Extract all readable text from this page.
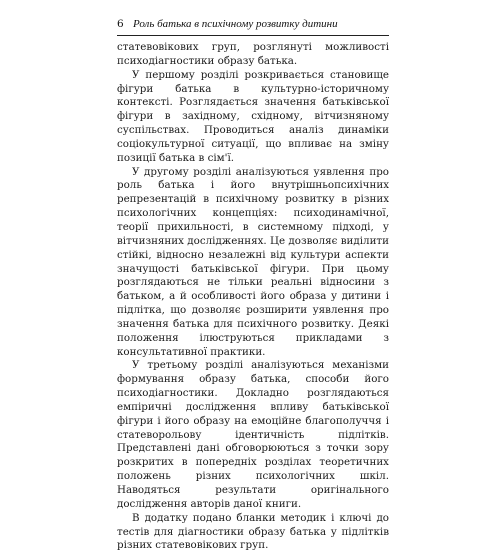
6 Роль батька в психічному розвитку дитини

статевовікових груп, розглянуті можливості психодіагностики образу батька.

У першому розділі розкривається становище фігури батька в культурно-історичному контексті. Розглядається значення батьківської фігури в західному, східному, вітчизняному суспільствах. Проводиться аналіз динаміки соціокультурної ситуації, що впливає на зміну позиції батька в сім'ї.

У другому розділі аналізуються уявлення про роль батька і його внутрішньопсихічних репрезентацій в психічному розвитку в різних психологічних концепціях: психодинамічної, теорії прихильності, в системному підході, у вітчизняних дослідженнях. Це дозволяє виділити стійкі, відносно незалежні від культури аспекти значущості батьківської фігури. При цьому розглядаються не тільки реальні відносини з батьком, а й особливості його образа у дитини і підлітка, що дозволяє розширити уявлення про значення батька для психічного розвитку. Деякі положення ілюструються прикладами з консультативної практики.

У третьому розділі аналізуються механізми формування образу батька, способи його психодіагностики. Докладно розглядаються емпіричні дослідження впливу батьківської фігури і його образу на емоційне благополуччя і статеворольову ідентичність підлітків. Представлені дані обговорюються з точки зору розкритих в попередніх розділах теоретичних положень різних психологічних шкіл. Наводяться результати оригінального дослідження авторів даної книги.

В додатку подано бланки методик і ключі до тестів для діагностики образу батька у підлітків різних статевовікових груп.
